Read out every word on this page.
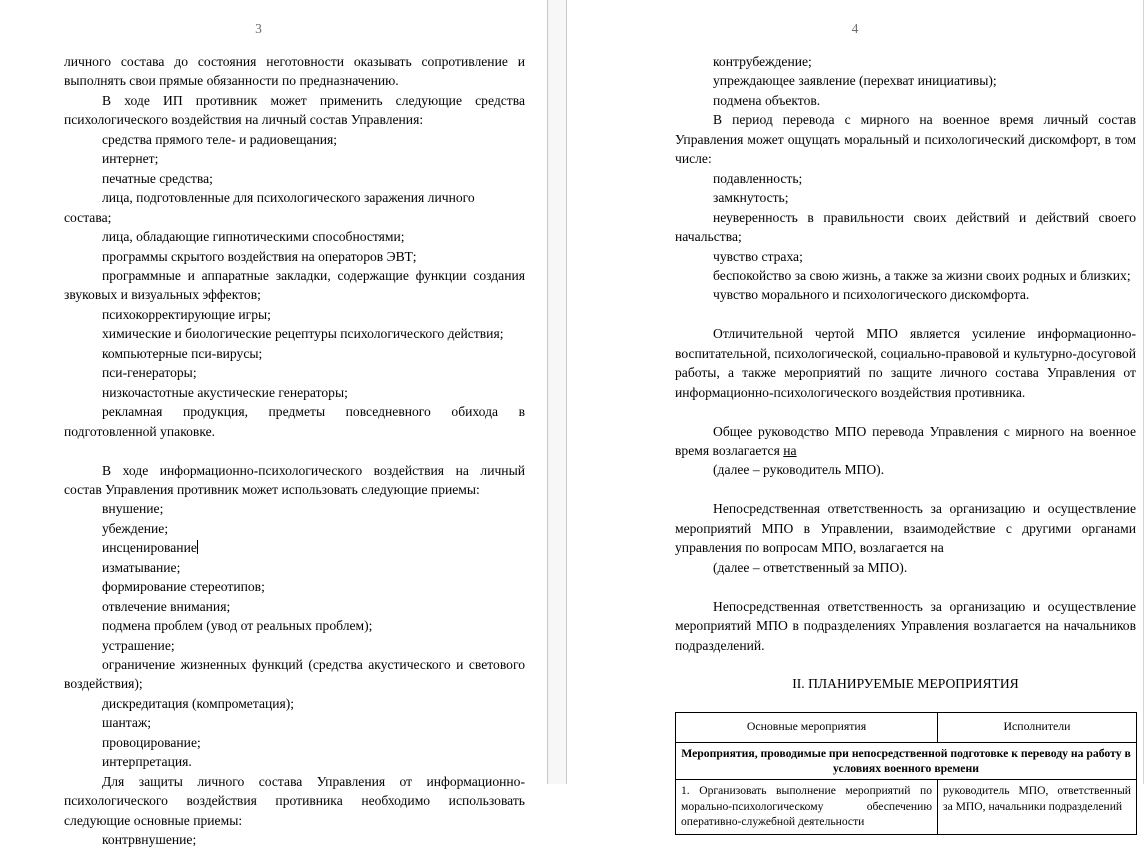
3

личного состава до состояния неготовности оказывать сопротивление и выполнять свои прямые обязанности по предназначению.

В ходе ИП противник может применить следующие средства психологического воздействия на личный состав Управления:

средства прямого теле- и радиовещания;

интернет;

печатные средства;

лица, подготовленные для психологического заражения личного состава;

лица, обладающие гипнотическими способностями;

программы скрытого воздействия на операторов ЭВТ;

программные и аппаратные закладки, содержащие функции создания звуковых и визуальных эффектов;

психокорректирующие игры;

химические и биологические рецептуры психологического действия;

компьютерные пси-вирусы;

пси-генераторы;

низкочастотные акустические генераторы;

рекламная продукция, предметы повседневного обихода в подготовленной упаковке.

В ходе информационно-психологического воздействия на личный состав Управления противник может использовать следующие приемы:

внушение;

убеждение;

инсценирование

изматывание;

формирование стереотипов;

отвлечение внимания;

подмена проблем (увод от реальных проблем);

устрашение;

ограничение жизненных функций (средства акустического и светового воздействия);

дискредитация (компрометация);

шантаж;

провоцирование;

интерпретация.

Для защиты личного состава Управления от информационно-психологического воздействия противника необходимо использовать следующие основные приемы:

контрвнушение;

4

контрубеждение;

упреждающее заявление (перехват инициативы);

подмена объектов.

В период перевода с мирного на военное время личный состав Управления может ощущать моральный и психологический дискомфорт, в том числе:

подавленность;

замкнутость;

неуверенность в правильности своих действий и действий своего начальства;

чувство страха;

беспокойство за свою жизнь, а также за жизни своих родных и близких;

чувство морального и психологического дискомфорта.

Отличительной чертой МПО является усиление информационно-воспитательной, психологической, социально-правовой и культурно-досуговой работы, а также мероприятий по защите личного состава Управления от информационно-психологического воздействия противника.

Общее руководство МПО перевода Управления с мирного на военное время возлагается на

(далее – руководитель МПО).

Непосредственная ответственность за организацию и осуществление мероприятий МПО в Управлении, взаимодействие с другими органами управления по вопросам МПО, возлагается на

(далее – ответственный за МПО).

Непосредственная ответственность за организацию и осуществление мероприятий МПО в подразделениях Управления возлагается на начальников подразделений.

II. ПЛАНИРУЕМЫЕ МЕРОПРИЯТИЯ

Основные мероприятия	Исполнители
Мероприятия, проводимые при непосредственной подготовке к переводу на работу в условиях военного времени	
1. Организовать выполнение мероприятий по морально-психологическому обеспечению оперативно-служебной деятельности	руководитель МПО, ответственный за МПО, начальники подразделений
